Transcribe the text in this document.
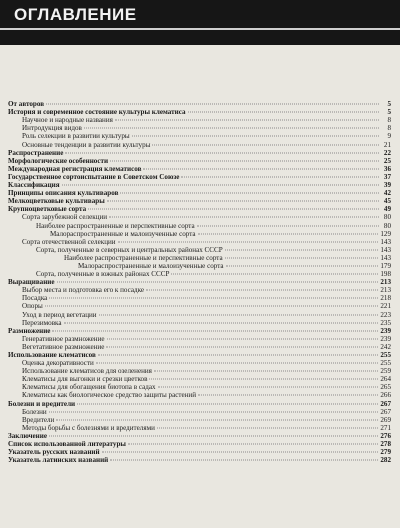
ОГЛАВЛЕНИЕ
От авторов	5
История и современное состояние культуры клематиса	5
Научное и народные названия	8
Интродукция видов	8
Роль селекции в развитии культуры	9
Основные тенденции в развитии культуры	21
Распространение	22
Морфологические особенности	25
Международная регистрация клематисов	36
Государственное сортоиспытание в Советском Союзе	37
Классификация	39
Принципы описания культиваров	42
Мелкоцветковые культивары	45
Крупноцветковые сорта	49
Сорта зарубежной селекции	80
Наиболее распространенные и перспективные сорта	80
Малораспространенные и малоизученные сорта	129
Сорта отечественной селекции	143
Сорта, полученные в северных и центральных районах СССР	143
Наиболее распространенные и перспективные сорта	143
Малораспространенные и малоизученные сорта	179
Сорта, полученные в южных районах СССР	198
Выращивание	213
Выбор места и подготовка его к посадке	213
Посадка	218
Опоры	221
Уход в период вегетации	223
Перезимовка	235
Размножение	239
Генеративное размножение	239
Вегетативное размножение	242
Использование клематисов	255
Оценка декоративности	255
Использование клематисов для озеленения	259
Клематисы для выгонки и срезки цветков	264
Клематисы для обогащения биотопа в садах	265
Клематисы как биологическое средство защиты растений	266
Болезни и вредители	267
Болезни	267
Вредители	269
Методы борьбы с болезнями и вредителями	271
Заключение	276
Список использованной литературы	278
Указатель русских названий	279
Указатель латинских названий	282
